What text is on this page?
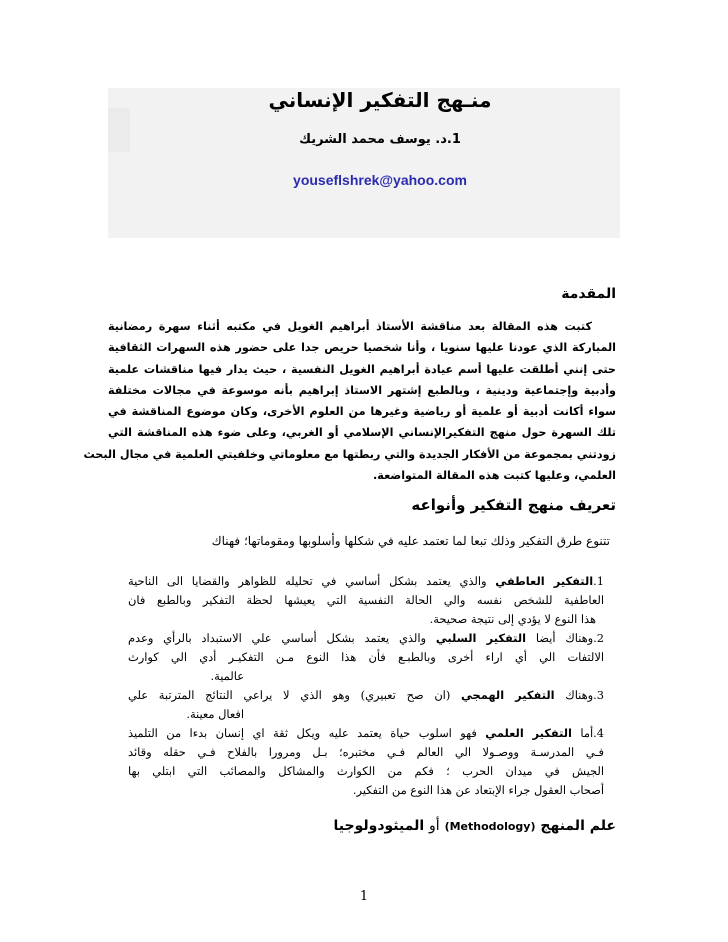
منـهج التفكير الإنساني
1.د. يوسف محمد الشريك
youseflshrek@yahoo.com
المقدمة
كتبت هذه المقالة بعد مناقشة الأستاذ أبراهيم الغويل في مكتبه أثناء سهرة رمضانية
المباركة الذي عودنا عليها سنويا ، وأنا شخصيا حريص جدا على حضور هذه السهرات الثقافية
حتى إنني أطلقت عليها أسم عيادة أبراهيم الغويل النفسية ، حيث يدار فيها مناقشات علمية
وأدبية وإجتماعية ودينية ، وبالطبع إشتهر الاستاذ إبراهيم بأنه موسوعة في مجالات مختلفة
سواء أكانت أدبية أو علمية أو رياضية وغيرها من العلوم الأخرى، وكان موضوع المناقشة في
تلك السهرة حول منهج التفكيرالإنساني الإسلامي أو الغربي، وعلى ضوء هذه المناقشة التي
زودتني بمجموعة من الأفكار الجديدة والتي ربطتها مع معلوماتي وخلفيتي العلمية في مجال البحث
العلمي، وعليها كتبت هذه المقالة المتواضعة.
تعريف منهج التفكير وأنواعه
تتنوع طرق التفكير وذلك تبعا لما تعتمد عليه في شكلها وأسلوبها ومقوماتها؛ فهناك
1.التفكير العاطفي والذي يعتمد بشكل أساسي في تحليله للظواهر والقضايا الى الناحية
العاطفية للشخص نفسه والي الحالة النفسية التي يعيشها لحظة التفكير وبالطبع فان
هذا النوع لا يؤدي إلى نتيجة صحيحة.
2.وهناك أيضا التفكير السلبي والذي يعتمد بشكل أساسي علي الاستبداد بالرأي وعدم
الالتفات الي أي اراء أخرى وبالطبـع فأن هذا النوع مـن التفكيـر أدي الي كوارث
عالمية.
3.وهناك التفكير الهمجي (ان صح تعبيري) وهو الذي لا يراعي النتائج المترتبة علي
افعال معينة.
4.أما التفكير العلمي فهو اسلوب حياة يعتمد عليه ويكل ثقة اي إنسان بدءا من التلميذ
فـي المدرسـة ووصـولا الي العالم فـي مختبره؛ بـل ومرورا بالفلاح فـي حقله وقائد
الجيش في ميدان الحرب ؛ فكم من الكوارث والمشاكل والمصائب التي ابتلي بها
أصحاب العقول جراء الإبتعاد عن هذا النوع من التفكير.
علم المنهج (Methodology) أو الميثودولوجيا
1
